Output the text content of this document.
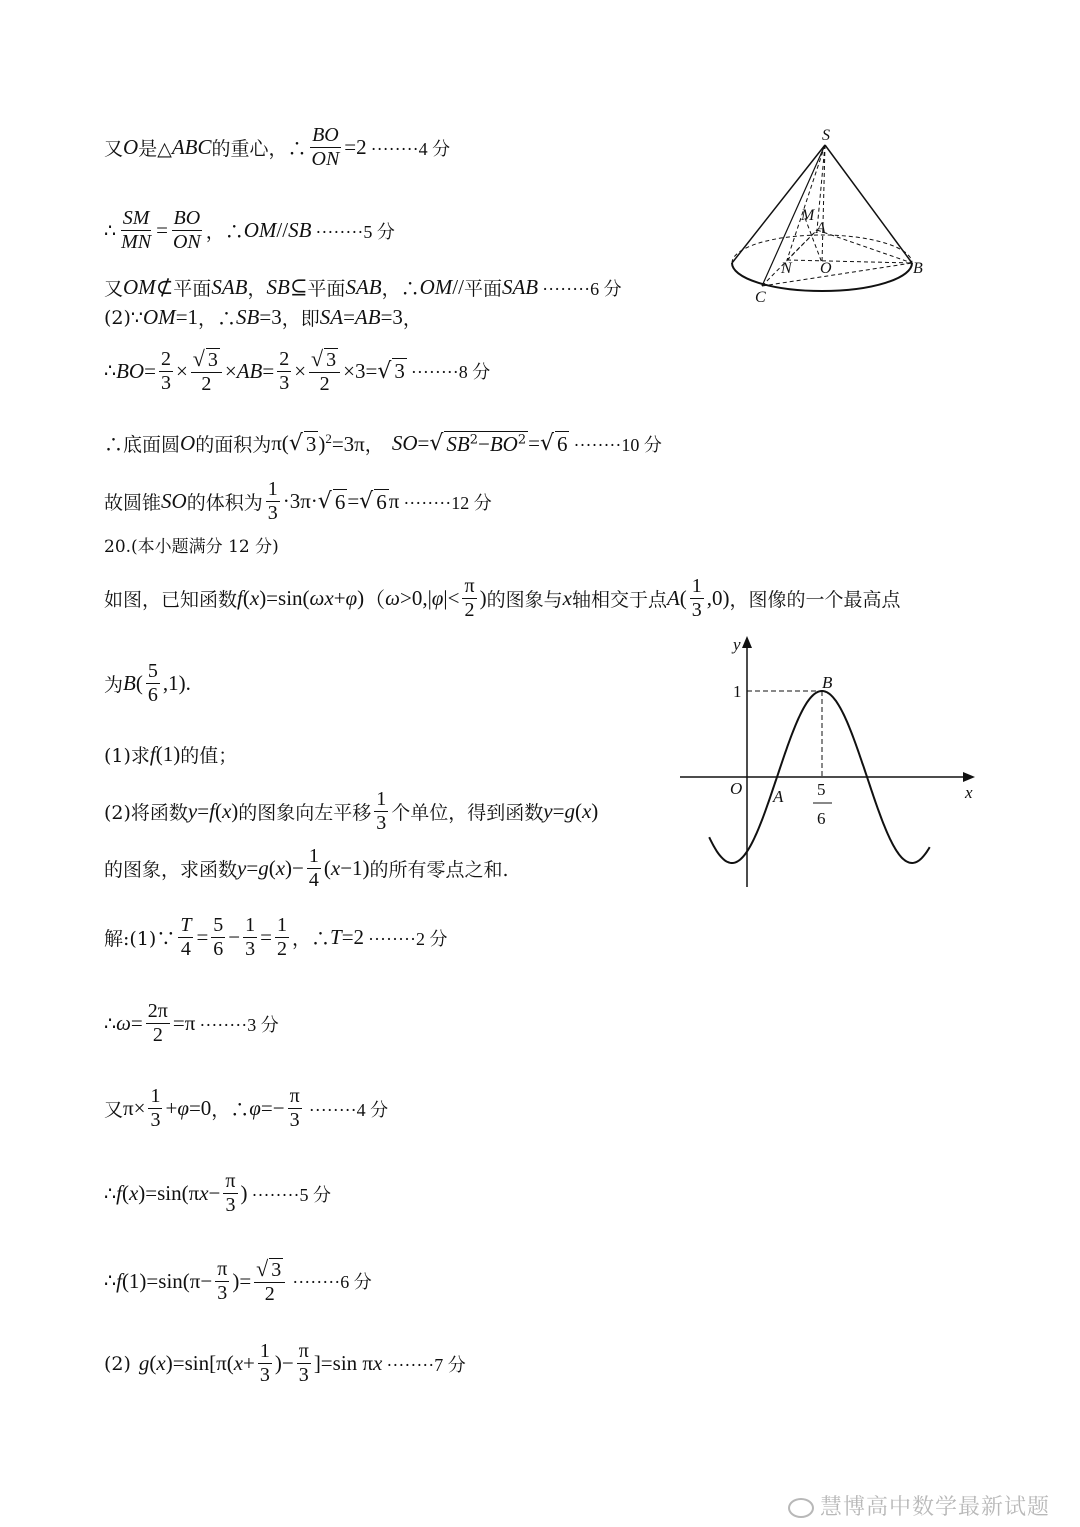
又 O 是△ ABC 的重心，∴ $\frac{BO}{ON} =2 \cdot\cdot\cdot\cdot\cdot\cdot\cdot\cdot 4$ 分
∴ $\frac{SM}{MN} = \frac{BO}{ON}$ ，∴ OM // SB ········5 分
又 OM ⊄ 平面 SAB ， SB ⊆ 平面 SAB ，∴ OM // 平面 SAB ········6 分
(2)∵ OM =1 ，∴ SB =3 ，即 SA = AB =3 ，
∴ BO = $\frac{2}{3} \times \frac{√ 3}{2}$ × AB = $\frac{2}{3} \times \frac{√ 3}{2} \times 3=$ √ 3 ········8 分
∴底面圆 O 的面积为 π( √ 3 )$^2$=3π ， SO = √ $SB^2-BO^2$ = √ 6 ········10 分
故圆锥 SO 的体积为 $\frac{1}{3} \cdot 3\pi\cdot$ √ 6 = √ 6 π ········12 分
20.(本小题满分 12 分)
如图，已知函数 f ( x )=sin( ωx + φ ) （ ω >0,| φ |< $\frac{\pi}{2}$ ) 的图象与 x 轴相交于点 A ( $\frac{1}{3} ,0$) ，图像的一个最高点
为 B ( $\frac{5}{6} ,1$).
(1)求 f (1) 的值；
(2)将函数 y = f ( x ) 的图象向左平移 $\frac{1}{3}$ 个单位，得到函数 y = g ( x )
的图象，求函数 y = g ( x )− $\frac{1}{4}$ ( x −1) 的所有零点之和.
解:(1)∵ $\frac{T}{4} = \frac{5}{6} - \frac{1}{3} = \frac{1}{2}$ ，∴ T =2 ········2 分
∴ $\omega = \frac{2\pi}{2} =\pi \cdot\cdot\cdot\cdot\cdot\cdot\cdot\cdot 3$ 分
又 $\pi\times \frac{1}{3} + \varphi =0$ ，∴ $\varphi =- \frac{\pi}{3} \cdot\cdot\cdot\cdot\cdot\cdot\cdot\cdot 4$ 分
∴ f ( x )=sin(π $x - \frac{\pi}{3}$ ) ········5 分
∴ f $(1)=\sin(\pi- \frac{\pi}{3}$ )= $\frac{√ 3}{2} \cdot\cdot\cdot\cdot\cdot\cdot\cdot\cdot 6$ 分
(2) g ( x )=sin[π( $x + \frac{1}{3}$ )− $\frac{\pi}{3} ]=\sin$ π x ········7 分
S
M
A
N O	B
C
y
x
1	B
O A 5
6
慧博高中数学最新试题
